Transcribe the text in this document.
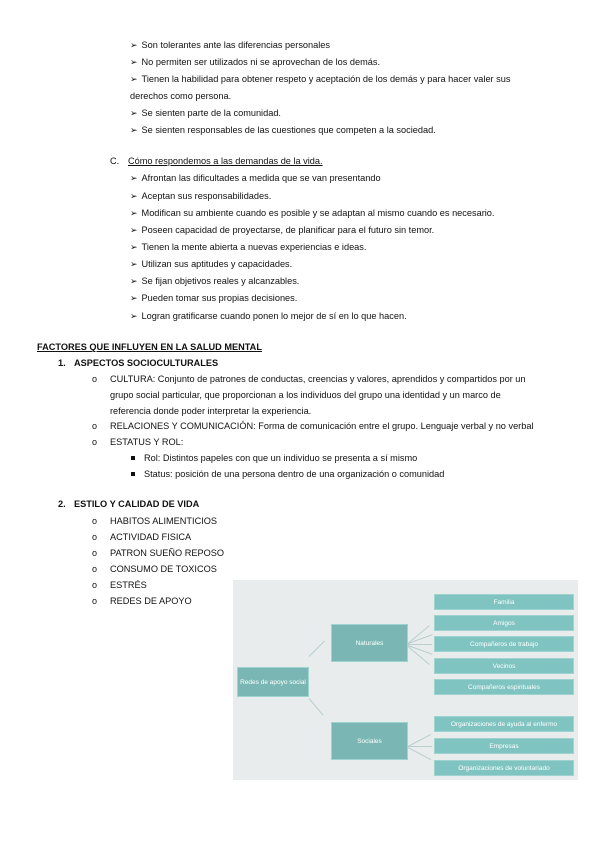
➢ Son tolerantes ante las diferencias personales
➢ No permiten ser utilizados ni se aprovechan de los demás.
➢ Tienen la habilidad para obtener respeto y aceptación de los demás y para hacer valer sus
derechos como persona.
➢ Se sienten parte de la comunidad.
➢ Se sienten responsables de las cuestiones que competen a la sociedad.
C. Cómo respondemos a las demandas de la vida.
➢ Afrontan las dificultades a medida que se van presentando
➢ Aceptan sus responsabilidades.
➢ Modifican su ambiente cuando es posible y se adaptan al mismo cuando es necesario.
➢ Poseen capacidad de proyectarse, de planificar para el futuro sin temor.
➢ Tienen la mente abierta a nuevas experiencias e ideas.
➢ Utilizan sus aptitudes y capacidades.
➢ Se fijan objetivos reales y alcanzables.
➢ Pueden tomar sus propias decisiones.
➢ Logran gratificarse cuando ponen lo mejor de sí en lo que hacen.
FACTORES QUE INFLUYEN EN LA SALUD MENTAL
1. ASPECTOS SOCIOCULTURALES
o CULTURA: Conjunto de patrones de conductas, creencias y valores, aprendidos y compartidos por un
grupo social particular, que proporcionan a los individuos del grupo una identidad y un marco de
referencia donde poder interpretar la experiencia.
o RELACIONES Y COMUNICACIÓN: Forma de comunicación entre el grupo. Lenguaje verbal y no verbal
o ESTATUS Y ROL:
Rol: Distintos papeles con que un individuo se presenta a sí mismo
Status: posición de una persona dentro de una organización o comunidad
2. ESTILO Y CALIDAD DE VIDA
o HABITOS ALIMENTICIOS
o ACTIVIDAD FISICA
o PATRON SUEÑO REPOSO
o CONSUMO DE TOXICOS
o ESTRÉS
o REDES DE APOYO
Redes de apoyo social
Naturales
Sociales
Familia
Amigos
Compañeros de trabajo
Vecinos
Compañeros espirituales
Organizaciones de ayuda al enfermo
Empresas
Organizaciones de voluntariado
